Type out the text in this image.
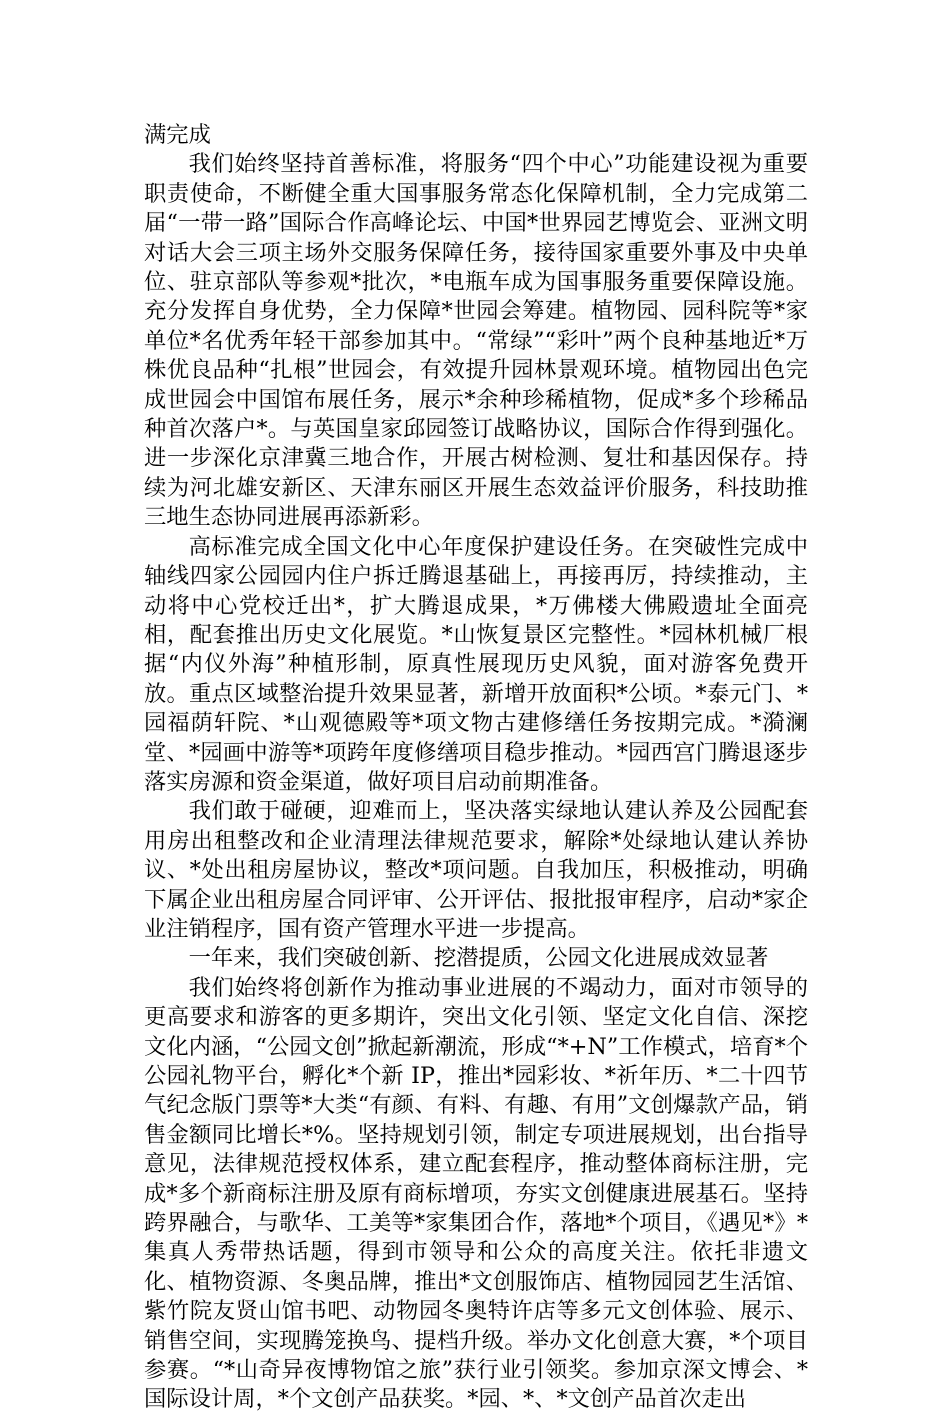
满完成

我们始终坚持首善标准，将服务“四个中心”功能建设视为重要职责使命，不断健全重大国事服务常态化保障机制，全力完成第二届“一带一路”国际合作高峰论坛、中国*世界园艺博览会、亚洲文明对话大会三项主场外交服务保障任务，接待国家重要外事及中央单位、驻京部队等参观*批次，*电瓶车成为国事服务重要保障设施。充分发挥自身优势，全力保障*世园会筹建。植物园、园科院等*家单位*名优秀年轻干部参加其中。“常绿”“彩叶”两个良种基地近*万株优良品种“扎根”世园会，有效提升园林景观环境。植物园出色完成世园会中国馆布展任务，展示*余种珍稀植物，促成*多个珍稀品种首次落户*。与英国皇家邱园签订战略协议，国际合作得到强化。进一步深化京津冀三地合作，开展古树检测、复壮和基因保存。持续为河北雄安新区、天津东丽区开展生态效益评价服务，科技助推三地生态协同进展再添新彩。

高标准完成全国文化中心年度保护建设任务。在突破性完成中轴线四家公园园内住户拆迁腾退基础上，再接再厉，持续推动，主动将中心党校迁出*，扩大腾退成果，*万佛楼大佛殿遗址全面亮相，配套推出历史文化展览。*山恢复景区完整性。*园林机械厂根据“内仪外海”种植形制，原真性展现历史风貌，面对游客免费开放。重点区域整治提升效果显著，新增开放面积*公顷。*泰元门、*园福荫轩院、*山观德殿等*项文物古建修缮任务按期完成。*漪澜堂、*园画中游等*项跨年度修缮项目稳步推动。*园西宫门腾退逐步落实房源和资金渠道，做好项目启动前期准备。

我们敢于碰硬，迎难而上，坚决落实绿地认建认养及公园配套用房出租整改和企业清理法律规范要求，解除*处绿地认建认养协议、*处出租房屋协议，整改*项问题。自我加压，积极推动，明确下属企业出租房屋合同评审、公开评估、报批报审程序，启动*家企业注销程序，国有资产管理水平进一步提高。

一年来，我们突破创新、挖潜提质，公园文化进展成效显著

我们始终将创新作为推动事业进展的不竭动力，面对市领导的更高要求和游客的更多期许，突出文化引领、坚定文化自信、深挖文化内涵，“公园文创”掀起新潮流，形成“*+N”工作模式，培育*个公园礼物平台，孵化*个新 IP，推出*园彩妆、*祈年历、*二十四节气纪念版门票等*大类“有颜、有料、有趣、有用”文创爆款产品，销售金额同比增长*%。坚持规划引领，制定专项进展规划，出台指导意见，法律规范授权体系，建立配套程序，推动整体商标注册，完成*多个新商标注册及原有商标增项，夯实文创健康进展基石。坚持跨界融合，与歌华、工美等*家集团合作，落地*个项目，《遇见*》*集真人秀带热话题，得到市领导和公众的高度关注。依托非遗文化、植物资源、冬奥品牌，推出*文创服饰店、植物园园艺生活馆、紫竹院友贤山馆书吧、动物园冬奥特许店等多元文创体验、展示、销售空间，实现腾笼换鸟、提档升级。举办文化创意大赛，*个项目参赛。“*山奇异夜博物馆之旅”获行业引领奖。参加京深文博会、*国际设计周，*个文创产品获奖。*园、*、*文创产品首次走出
